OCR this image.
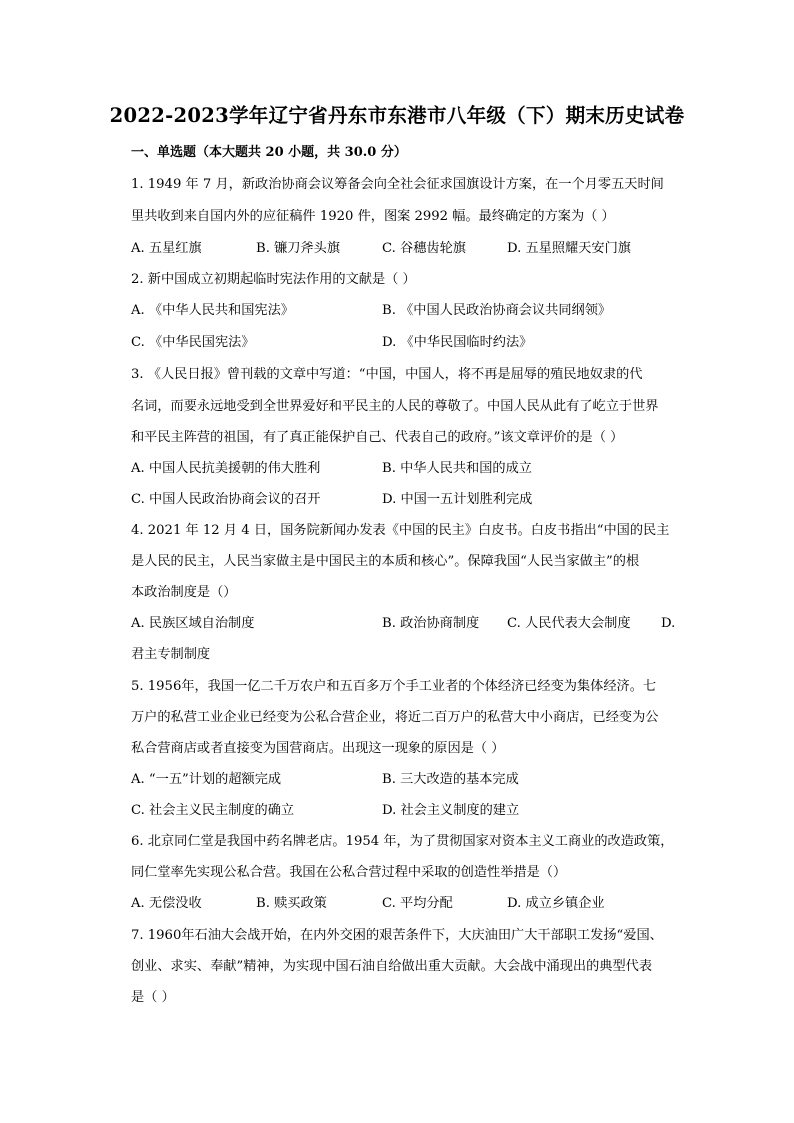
2022-2023学年辽宁省丹东市东港市八年级（下）期末历史试卷
一、单选题（本大题共 20 小题，共 30.0 分）
1. 1949 年 7 月，新政治协商会议筹备会向全社会征求国旗设计方案，在一个月零五天时间
里共收到来自国内外的应征稿件 1920 件，图案 2992 幅。最终确定的方案为（ ）
A. 五星红旗	B. 镰刀斧头旗	C. 谷穗齿轮旗	D. 五星照耀天安门旗
2. 新中国成立初期起临时宪法作用的文献是（ ）
A. 《中华人民共和国宪法》	B. 《中国人民政治协商会议共同纲领》
C. 《中华民国宪法》	D. 《中华民国临时约法》
3. 《人民日报》曾刊载的文章中写道：“中国，中国人，将不再是屈辱的殖民地奴隶的代
名词，而要永远地受到全世界爱好和平民主的人民的尊敬了。中国人民从此有了屹立于世界
和平民主阵营的祖国，有了真正能保护自己、代表自己的政府。”该文章评价的是（ ）
A. 中国人民抗美援朝的伟大胜利	B. 中华人民共和国的成立
C. 中国人民政治协商会议的召开	D. 中国一五计划胜利完成
4. 2021 年 12 月 4 日，国务院新闻办发表《中国的民主》白皮书。白皮书指出“中国的民主
是人民的民主，人民当家做主是中国民主的本质和核心”。保障我国“人民当家做主”的根
本政治制度是（）
A. 民族区域自治制度	B. 政治协商制度 C. 人民代表大会制度 D.
君主专制制度
5. 1956年，我国一亿二千万农户和五百多万个手工业者的个体经济已经变为集体经济。七
万户的私营工业企业已经变为公私合营企业，将近二百万户的私营大中小商店，已经变为公
私合营商店或者直接变为国营商店。出现这一现象的原因是（ ）
A. “一五”计划的超额完成	B. 三大改造的基本完成
C. 社会主义民主制度的确立	D. 社会主义制度的建立
6. 北京同仁堂是我国中药名牌老店。1954 年，为了贯彻国家对资本主义工商业的改造政策，
同仁堂率先实现公私合营。我国在公私合营过程中采取的创造性举措是（）
A. 无偿没收	B. 赎买政策	C. 平均分配	D. 成立乡镇企业
7. 1960年石油大会战开始，在内外交困的艰苦条件下，大庆油田广大干部职工发扬“爱国、
创业、求实、奉献”精神，为实现中国石油自给做出重大贡献。大会战中涌现出的典型代表
是（ ）
